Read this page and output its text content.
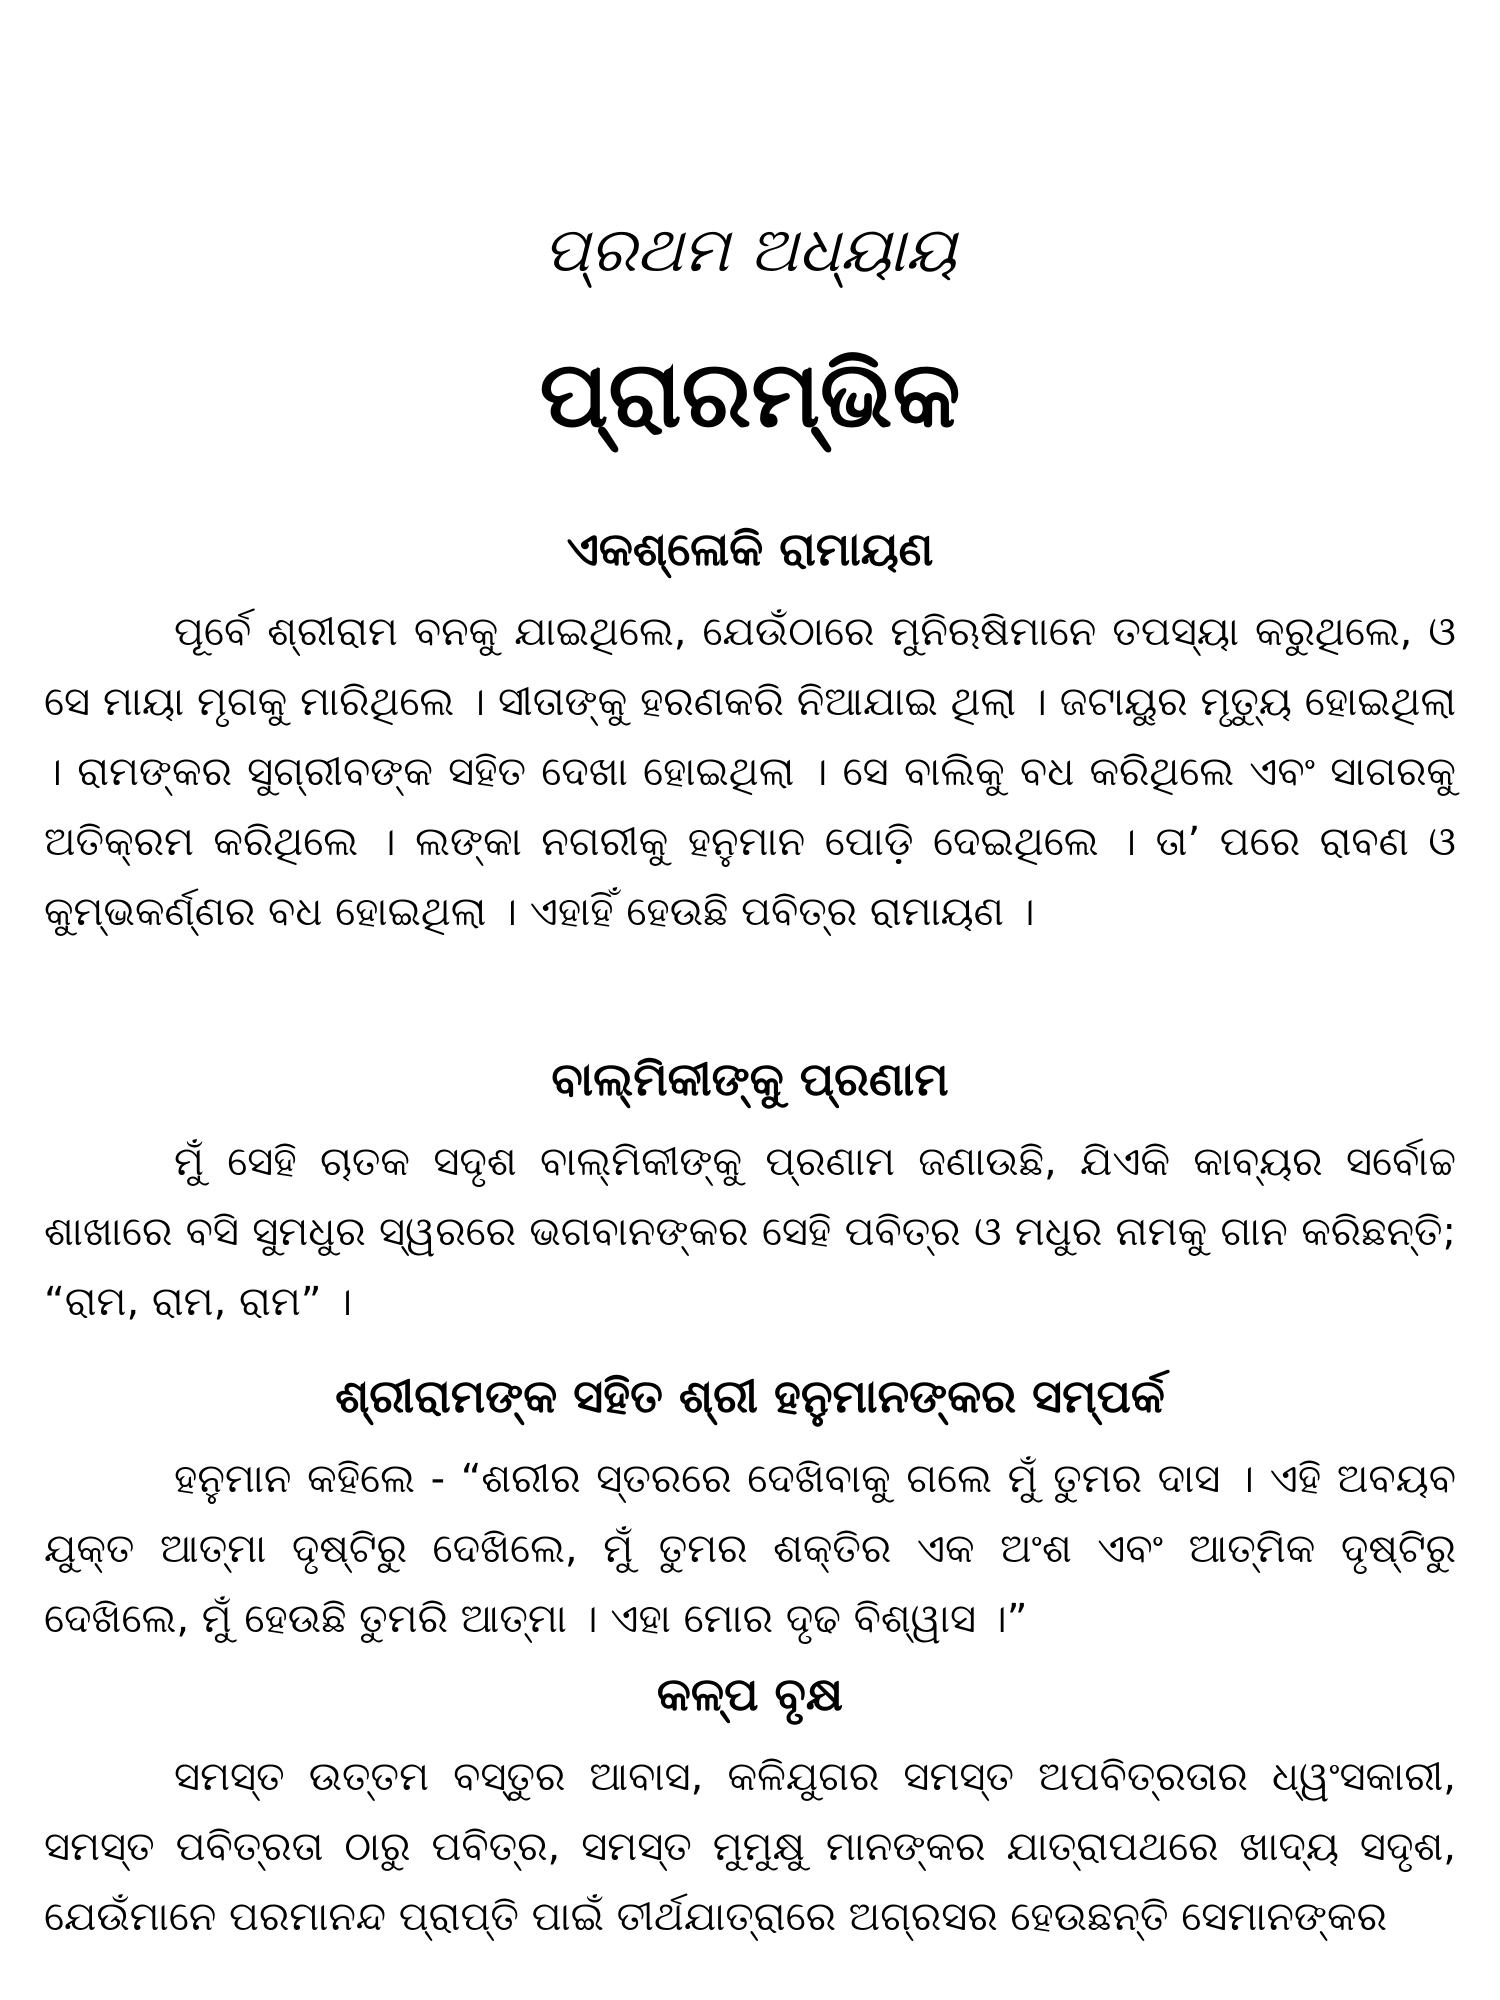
ପ୍ରଥମ ଅଧ୍ୟାୟ
ପ୍ରାରମ୍ଭିକ
ଏକଶ୍ଳୋକି ରାମାୟଣ

ପୂର୍ବେ ଶ୍ରୀରାମ ବନକୁ ଯାଇଥିଲେ, ଯେଉଁଠାରେ ମୁନିଋଷିମାନେ ତପସ୍ୟା କରୁଥିଲେ, ଓ ସେ ମାୟା ମୃଗକୁ ମାରିଥିଲେ । ସୀତାଙ୍କୁ ହରଣକରି ନିଆଯାଇ ଥିଲା । ଜଟାୟୁର ମୃତ୍ୟୁ ହୋଇଥିଲା । ରାମଙ୍କର ସୁଗ୍ରୀବଙ୍କ ସହିତ ଦେଖା ହୋଇଥିଲା । ସେ ବାଲିକୁ ବଧ କରିଥିଲେ ଏବଂ ସାଗରକୁ ଅତିକ୍ରମ କରିଥିଲେ । ଲଙ୍କା ନଗରୀକୁ ହନୁମାନ ପୋଡ଼ି ଦେଇଥିଲେ । ତା’ ପରେ ରାବଣ ଓ କୁମ୍ଭକର୍ଣ୍ଣର ବଧ ହୋଇଥିଲା । ଏହାହିଁ ହେଉଛି ପବିତ୍ର ରାମାୟଣ ।

ବାଲ୍ମିକୀଙ୍କୁ ପ୍ରଣାମ

ମୁଁ ସେହି ଚାତକ ସଦୃଶ ବାଲ୍ମିକୀଙ୍କୁ ପ୍ରଣାମ ଜଣାଉଛି, ଯିଏକି କାବ୍ୟର ସର୍ବୋଚ୍ଚ ଶାଖାରେ ବସି ସୁମଧୁର ସ୍ୱରରେ ଭଗବାନଙ୍କର ସେହି ପବିତ୍ର ଓ ମଧୁର ନାମକୁ ଗାନ କରିଛନ୍ତି; “ରାମ, ରାମ, ରାମ” ।

ଶ୍ରୀରାମଙ୍କ ସହିତ ଶ୍ରୀ ହନୁମାନଙ୍କର ସମ୍ପର୍କ

ହନୁମାନ କହିଲେ - “ଶରୀର ସ୍ତରରେ ଦେଖିବାକୁ ଗଲେ ମୁଁ ତୁମର ଦାସ । ଏହି ଅବୟବ ଯୁକ୍ତ ଆତ୍ମା ଦୃଷ୍ଟିରୁ ଦେଖିଲେ, ମୁଁ ତୁମର ଶକ୍ତିର ଏକ ଅଂଶ ଏବଂ ଆତ୍ମିକ ଦୃଷ୍ଟିରୁ ଦେଖିଲେ, ମୁଁ ହେଉଛି ତୁମରି ଆତ୍ମା । ଏହା ମୋର ଦୃଢ ବିଶ୍ୱାସ ।”

କଳ୍ପ ବୃକ୍ଷ

ସମସ୍ତ ଉତ୍ତମ ବସ୍ତୁର ଆବାସ, କଳିଯୁଗର ସମସ୍ତ ଅପବିତ୍ରତାର ଧ୍ୱଂସକାରୀ, ସମସ୍ତ ପବିତ୍ରତା ଠାରୁ ପବିତ୍ର, ସମସ୍ତ ମୁମୁକ୍ଷୁ ମାନଙ୍କର ଯାତ୍ରାପଥରେ ଖାଦ୍ୟ ସଦୃଶ, ଯେଉଁମାନେ ପରମାନନ୍ଦ ପ୍ରାପ୍ତି ପାଇଁ ତୀର୍ଥଯାତ୍ରାରେ ଅଗ୍ରସର ହେଉଛନ୍ତି ସେମାନଙ୍କର
